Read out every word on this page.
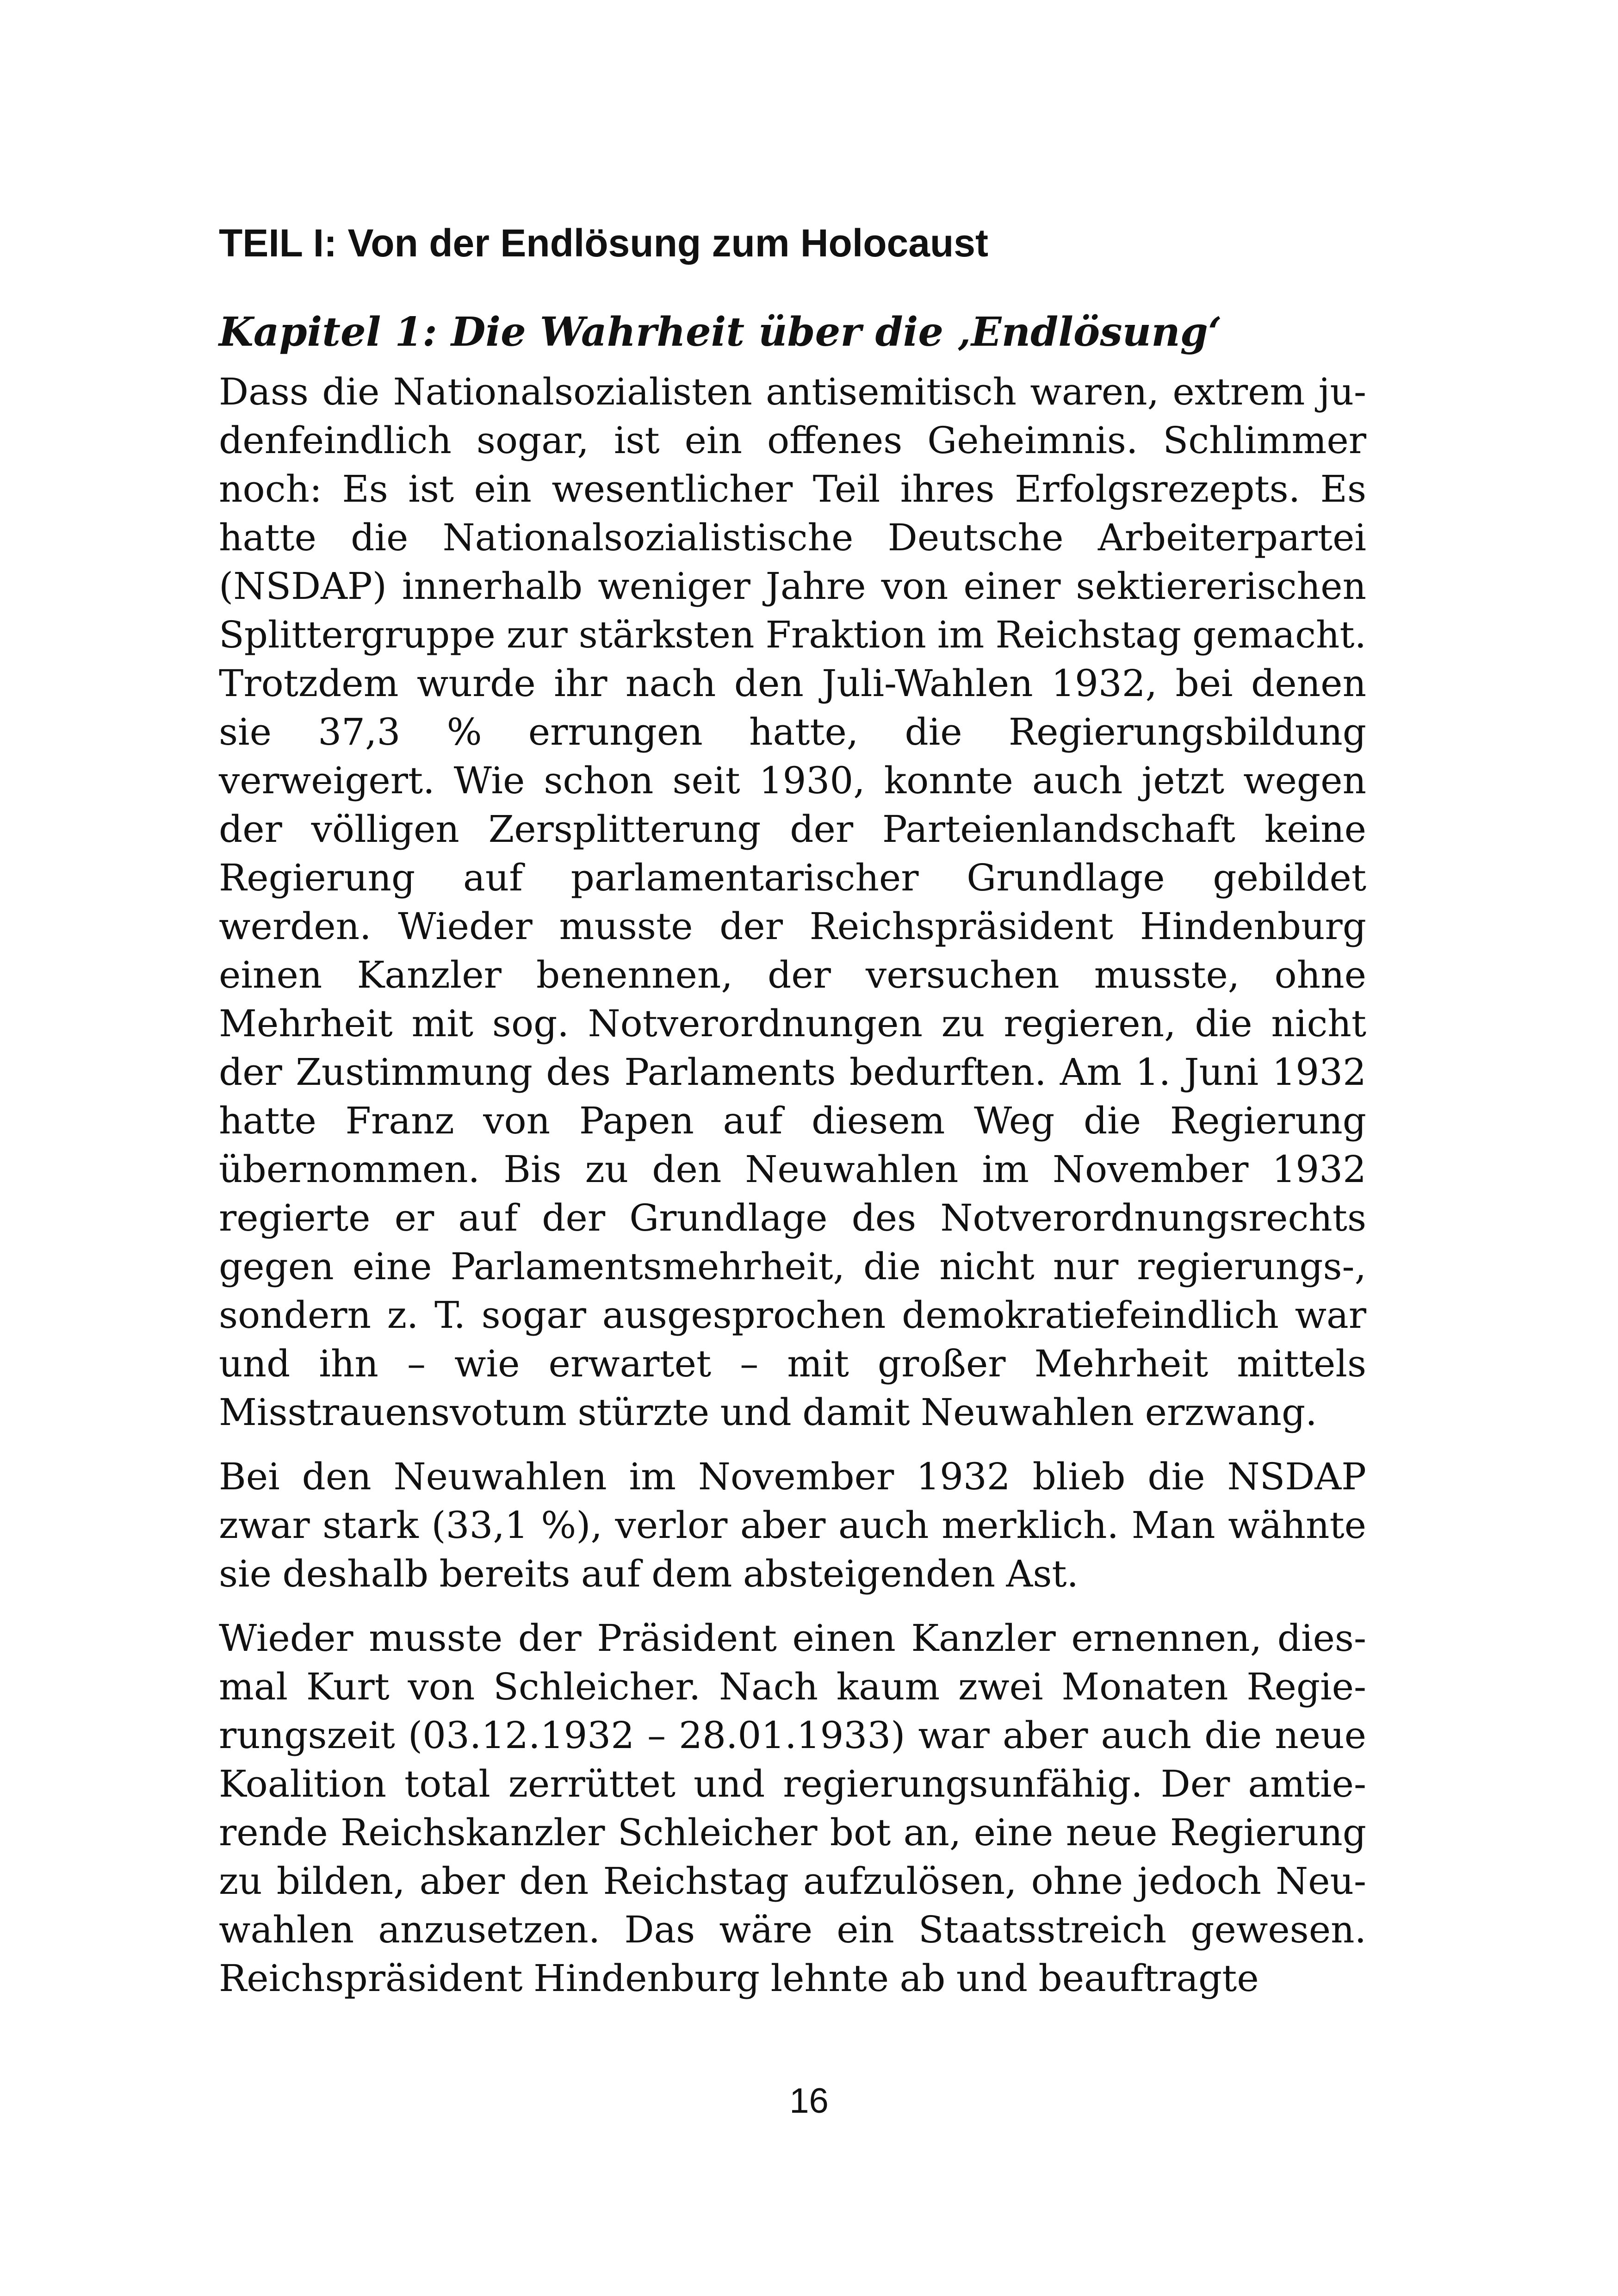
TEIL I: Von der Endlösung zum Holocaust
Kapitel 1: Die Wahrheit über die ‚Endlösung‘

Dass die Nationalsozialisten antisemitisch waren, extrem judenfeindlich sogar, ist ein offenes Geheimnis. Schlimmer noch: Es ist ein wesentlicher Teil ihres Erfolgsrezepts. Es hatte die Nationalsozialistische Deutsche Arbeiterpartei (NSDAP) innerhalb weniger Jahre von einer sektiererischen Splittergruppe zur stärksten Fraktion im Reichstag gemacht. Trotzdem wurde ihr nach den Juli-Wahlen 1932, bei denen sie 37,3 % errungen hatte, die Regierungsbildung verweigert. Wie schon seit 1930, konnte auch jetzt wegen der völligen Zersplitterung der Parteienlandschaft keine Regierung auf parlamentarischer Grundlage gebildet werden. Wieder musste der Reichspräsident Hindenburg einen Kanzler benennen, der versuchen musste, ohne Mehrheit mit sog. Notverordnungen zu regieren, die nicht der Zustimmung des Parlaments bedurften. Am 1. Juni 1932 hatte Franz von Papen auf diesem Weg die Regierung übernommen. Bis zu den Neuwahlen im November 1932 regierte er auf der Grundlage des Notverordnungsrechts gegen eine Parlamentsmehrheit, die nicht nur regierungs-, sondern z. T. sogar ausgesprochen demokratiefeindlich war und ihn – wie erwartet – mit großer Mehrheit mittels Misstrauensvotum stürzte und damit Neuwahlen erzwang.

Bei den Neuwahlen im November 1932 blieb die NSDAP zwar stark (33,1 %), verlor aber auch merklich. Man wähnte sie deshalb bereits auf dem absteigenden Ast.

Wieder musste der Präsident einen Kanzler ernennen, diesmal Kurt von Schleicher. Nach kaum zwei Monaten Regierungszeit (03.12.1932 – 28.01.1933) war aber auch die neue Koalition total zerrüttet und regierungsunfähig. Der amtierende Reichskanzler Schleicher bot an, eine neue Regierung zu bilden, aber den Reichstag aufzulösen, ohne jedoch Neuwahlen anzusetzen. Das wäre ein Staatsstreich gewesen. Reichspräsident Hindenburg lehnte ab und beauftragte

16
